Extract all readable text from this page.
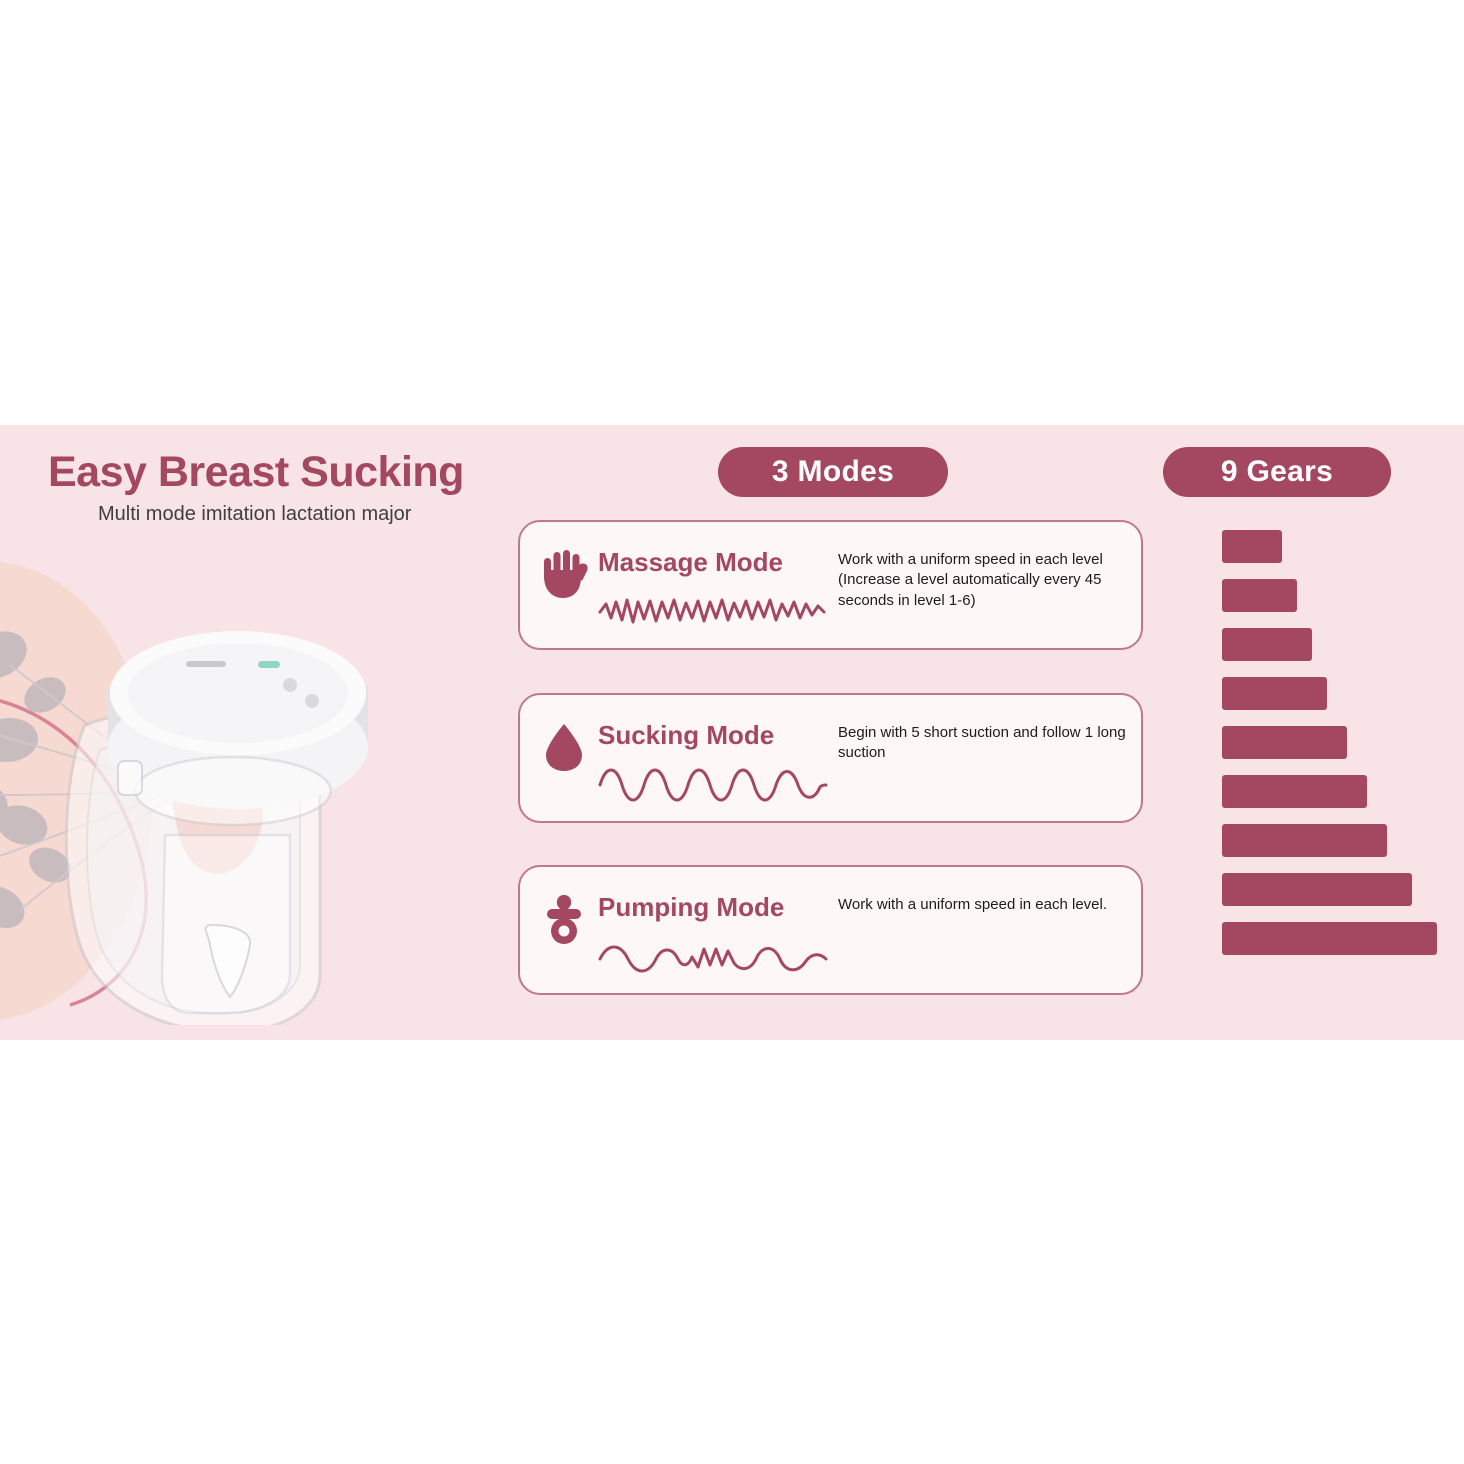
Easy Breast Sucking
Multi mode imitation lactation major
3 Modes	9 Gears
Massage Mode	Work with a uniform speed in each level (Increase a level automatically every 45 seconds in level 1-6)
Sucking Mode	Begin with 5 short suction and follow 1 long suction
Pumping Mode	Work with a uniform speed in each level.
